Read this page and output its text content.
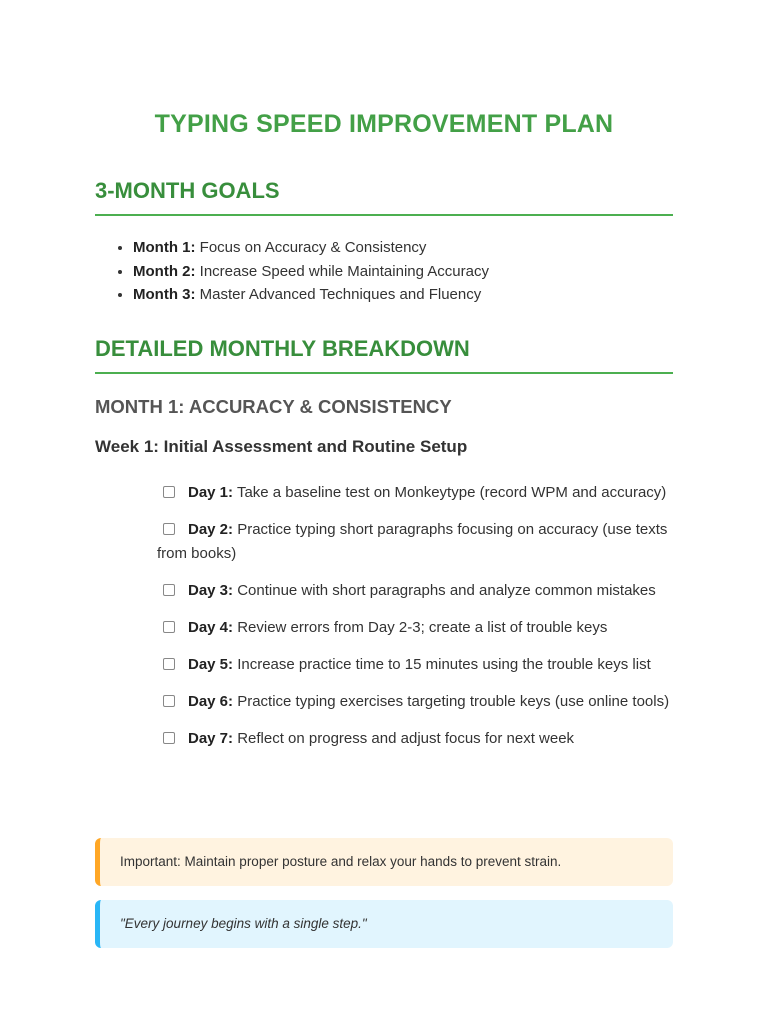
TYPING SPEED IMPROVEMENT PLAN
3-MONTH GOALS
• Month 1: Focus on Accuracy & Consistency
• Month 2: Increase Speed while Maintaining Accuracy
• Month 3: Master Advanced Techniques and Fluency
DETAILED MONTHLY BREAKDOWN
MONTH 1: ACCURACY & CONSISTENCY
Week 1: Initial Assessment and Routine Setup
Day 1: Take a baseline test on Monkeytype (record WPM and accuracy)
Day 2: Practice typing short paragraphs focusing on accuracy (use texts from books)
Day 3: Continue with short paragraphs and analyze common mistakes
Day 4: Review errors from Day 2-3; create a list of trouble keys
Day 5: Increase practice time to 15 minutes using the trouble keys list
Day 6: Practice typing exercises targeting trouble keys (use online tools)
Day 7: Reflect on progress and adjust focus for next week
Important: Maintain proper posture and relax your hands to prevent strain.
"Every journey begins with a single step."
